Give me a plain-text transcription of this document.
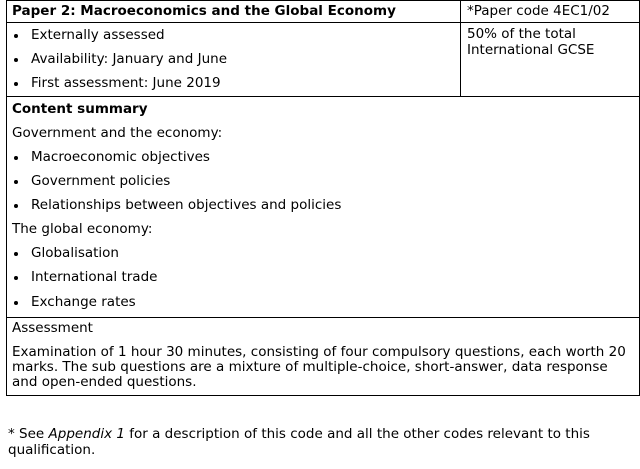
Paper 2: Macroeconomics and the Global Economy	*Paper code 4EC1/02
Externally assessed
Availability: January and June
First assessment: June 2019
50% of the total International GCSE
Content summary
Government and the economy:
Macroeconomic objectives
Government policies
Relationships between objectives and policies
The global economy:
Globalisation
International trade
Exchange rates
Assessment
Examination of 1 hour 30 minutes, consisting of four compulsory questions, each worth 20 marks. The sub questions are a mixture of multiple-choice, short-answer, data response and open-ended questions.
* See Appendix 1 for a description of this code and all the other codes relevant to this qualification.
